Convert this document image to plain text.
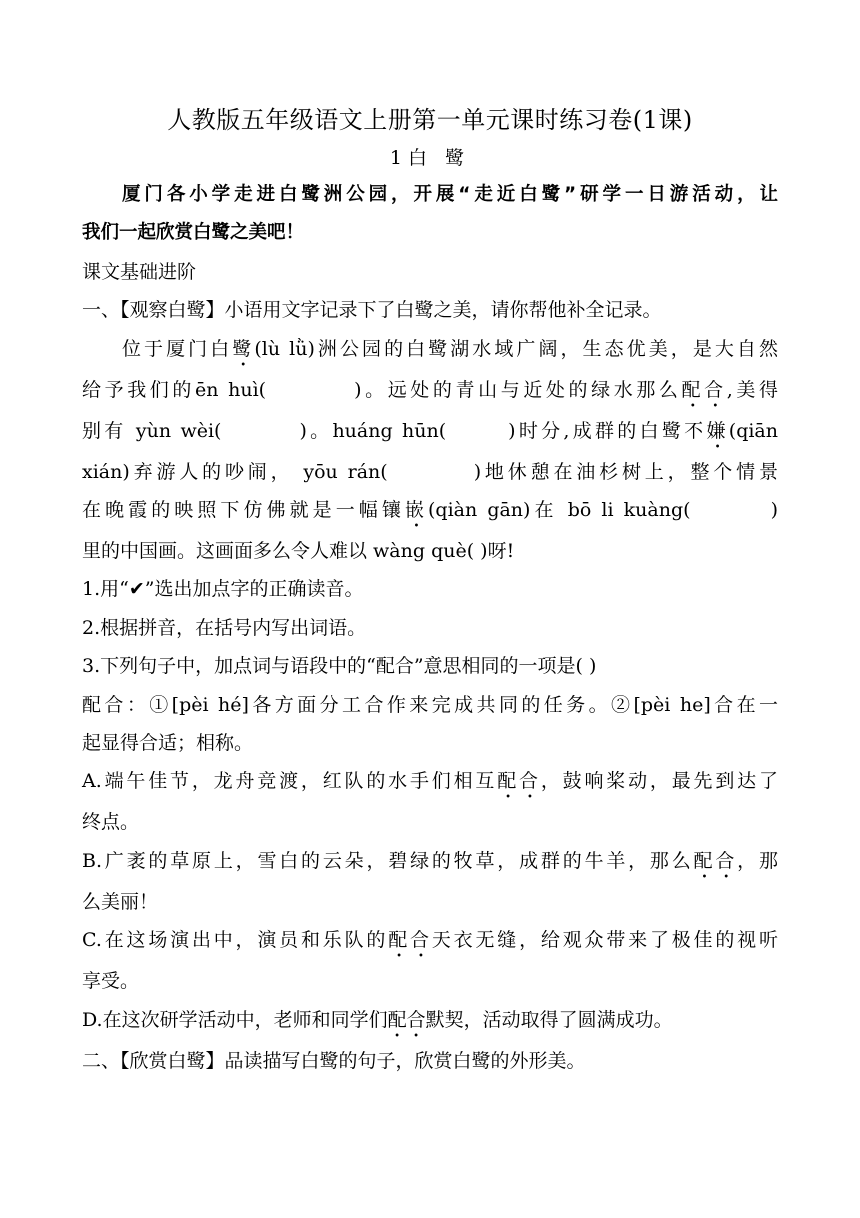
人教版五年级语文上册第一单元课时练习卷(1课)
1白 鹭
厦门各小学走进白鹭洲公园，开展“走近白鹭”研学一日游活动，让
我们一起欣赏白鹭之美吧！
课文基础进阶
一、【观察白鹭】小语用文字记录下了白鹭之美，请你帮他补全记录。
位于厦门白鹭(lù lǜ)洲公园的白鹭湖水域广阔，生态优美，是大自然
给予我们的ēn huì(	)。远处的青山与近处的绿水那么配合,美得
别有 yùn wèi(	)。huáng hūn(	)时分,成群的白鹭不嫌(qiān
xián)弃游人的吵闹， yōu rán(	)地休憩在油杉树上，整个情景
在晚霞的映照下仿佛就是一幅镶嵌(qiàn gān)在 bō li kuàng(	)
里的中国画。这画面多么令人难以 wàng què( )呀!
1.用“✔”选出加点字的正确读音。
2.根据拼音，在括号内写出词语。
3.下列句子中，加点词与语段中的“配合”意思相同的一项是( )
配合：①[pèi hé]各方面分工合作来完成共同的任务。②[pèi he]合在一
起显得合适；相称。
A.端午佳节，龙舟竞渡，红队的水手们相互配合，鼓响桨动，最先到达了
终点。
B.广袤的草原上，雪白的云朵，碧绿的牧草，成群的牛羊，那么配合，那
么美丽！
C.在这场演出中，演员和乐队的配合天衣无缝，给观众带来了极佳的视听
享受。
D.在这次研学活动中，老师和同学们配合默契，活动取得了圆满成功。
二、【欣赏白鹭】品读描写白鹭的句子，欣赏白鹭的外形美。
